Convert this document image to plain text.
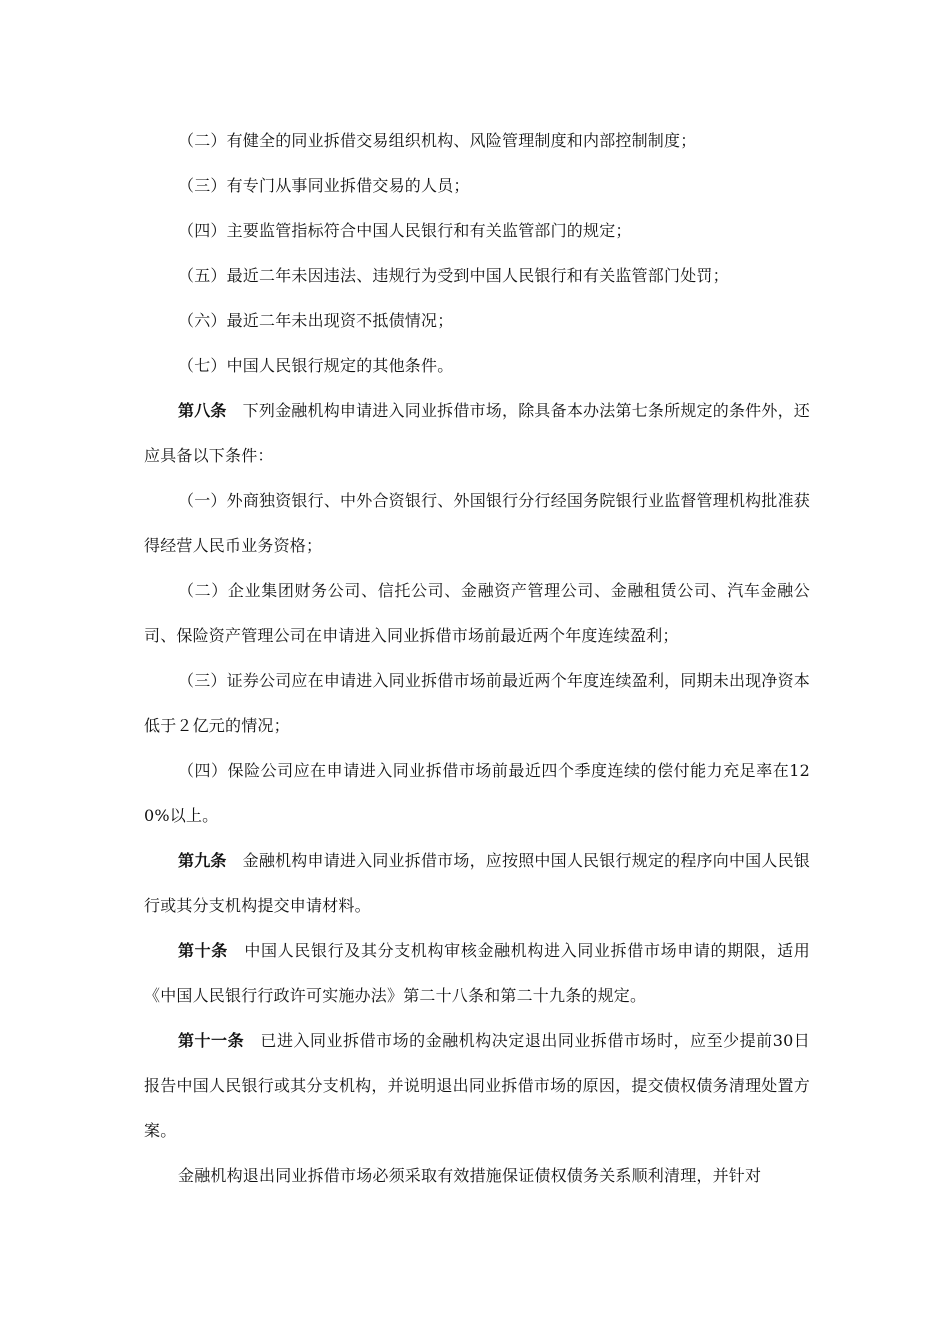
（二）有健全的同业拆借交易组织机构、风险管理制度和内部控制制度；

（三）有专门从事同业拆借交易的人员；

（四）主要监管指标符合中国人民银行和有关监管部门的规定；

（五）最近二年未因违法、违规行为受到中国人民银行和有关监管部门处罚；

（六）最近二年未出现资不抵债情况；

（七）中国人民银行规定的其他条件。

第八条 下列金融机构申请进入同业拆借市场，除具备本办法第七条所规定的条件外，还应具备以下条件：

（一）外商独资银行、中外合资银行、外国银行分行经国务院银行业监督管理机构批准获得经营人民币业务资格；

（二）企业集团财务公司、信托公司、金融资产管理公司、金融租赁公司、汽车金融公司、保险资产管理公司在申请进入同业拆借市场前最近两个年度连续盈利；

（三）证券公司应在申请进入同业拆借市场前最近两个年度连续盈利，同期未出现净资本低于２亿元的情况；

（四）保险公司应在申请进入同业拆借市场前最近四个季度连续的偿付能力充足率在120%以上。

第九条 金融机构申请进入同业拆借市场，应按照中国人民银行规定的程序向中国人民银行或其分支机构提交申请材料。

第十条 中国人民银行及其分支机构审核金融机构进入同业拆借市场申请的期限，适用《中国人民银行行政许可实施办法》第二十八条和第二十九条的规定。

第十一条 已进入同业拆借市场的金融机构决定退出同业拆借市场时，应至少提前30日报告中国人民银行或其分支机构，并说明退出同业拆借市场的原因，提交债权债务清理处置方案。

金融机构退出同业拆借市场必须采取有效措施保证债权债务关系顺利清理，并针对
